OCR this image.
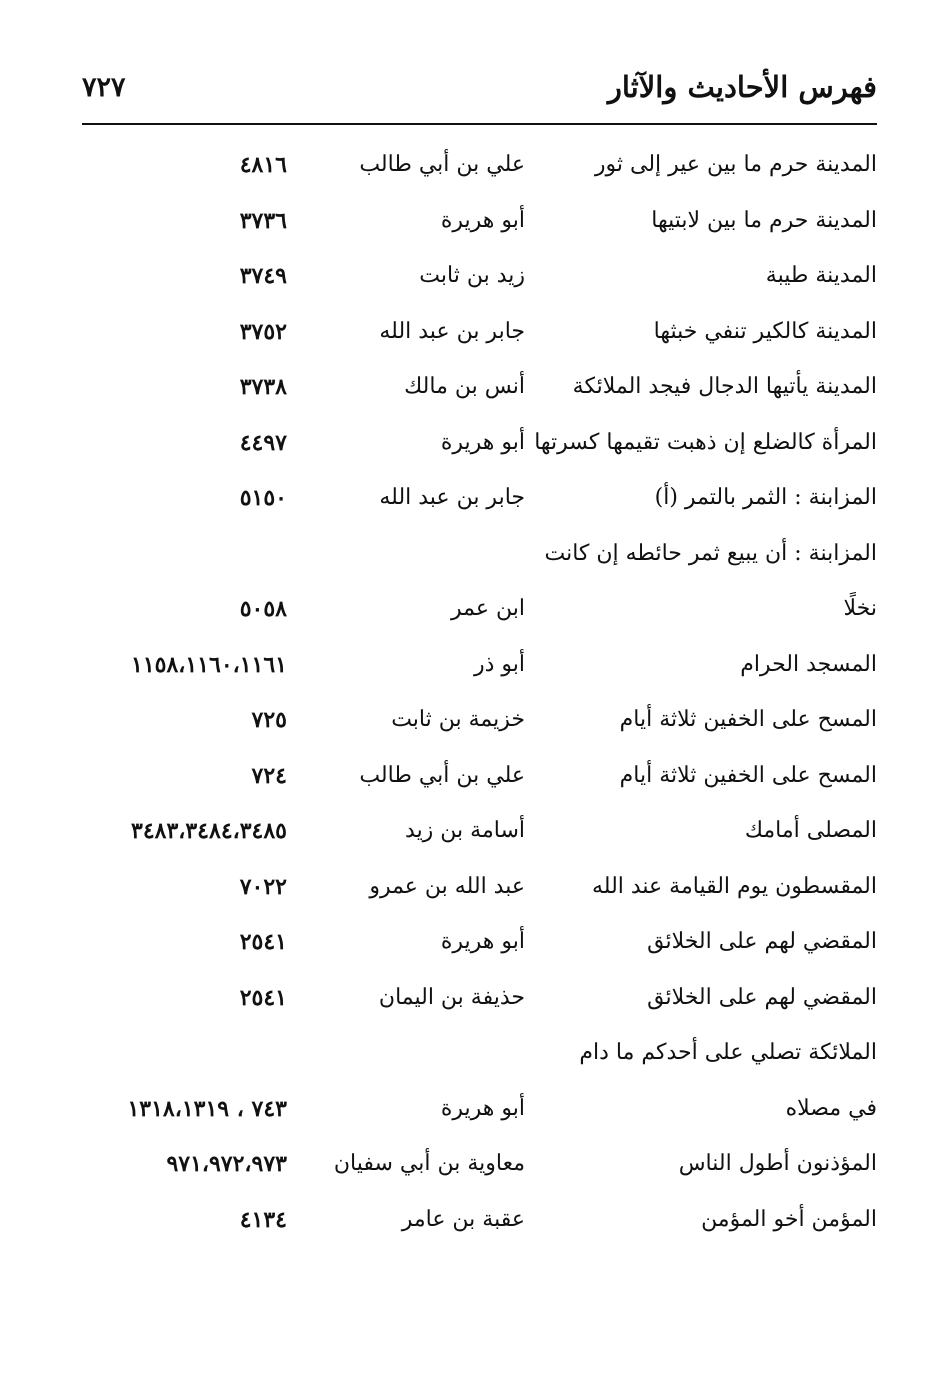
فهرس الأحاديث والآثار
٧٢٧
المدينة حرم ما بين عير إلى ثور
علي بن أبي طالب
٤٨١٦
المدينة حرم ما بين لابتيها
أبو هريرة
٣٧٣٦
المدينة طيبة
زيد بن ثابت
٣٧٤٩
المدينة كالكير تنفي خبثها
جابر بن عبد الله
٣٧٥٢
المدينة يأتيها الدجال فيجد الملائكة
أنس بن مالك
٣٧٣٨
المرأة كالضلع إن ذهبت تقيمها كسرتها
أبو هريرة
٤٤٩٧
المزابنة : الثمر بالتمر (أ)
جابر بن عبد الله
٥١٥٠
المزابنة : أن يبيع ثمر حائطه إن كانت
نخلًا
ابن عمر
٥٠٥٨
المسجد الحرام
أبو ذر
١١٥٨،١١٦٠،١١٦١
المسح على الخفين ثلاثة أيام
خزيمة بن ثابت
٧٢٥
المسح على الخفين ثلاثة أيام
علي بن أبي طالب
٧٢٤
المصلى أمامك
أسامة بن زيد
٣٤٨٣،٣٤٨٤،٣٤٨٥
المقسطون يوم القيامة عند الله
عبد الله بن عمرو
٧٠٢٢
المقضي لهم على الخلائق
أبو هريرة
٢٥٤١
المقضي لهم على الخلائق
حذيفة بن اليمان
٢٥٤١
الملائكة تصلي على أحدكم ما دام
في مصلاه
أبو هريرة
٧٤٣ ، ١٣١٨،١٣١٩
المؤذنون أطول الناس
معاوية بن أبي سفيان
٩٧١،٩٧٢،٩٧٣
المؤمن أخو المؤمن
عقبة بن عامر
٤١٣٤
